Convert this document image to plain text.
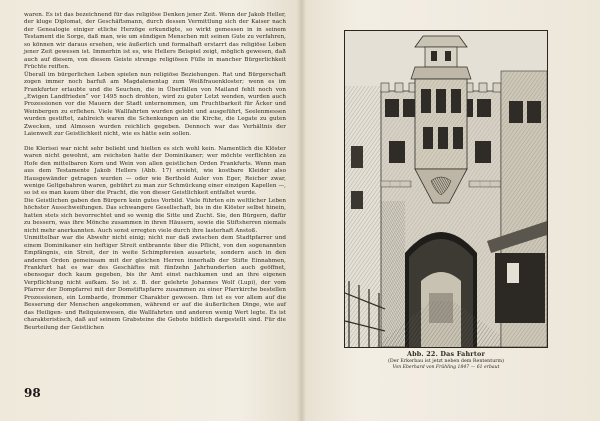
waren. Es ist das bezeichnend für das religiöse Denken jener Zeit. Wenn der Jakob Heller, der kluge Diplomat, der Geschäftsmann, durch dessen Vermittlung sich der Kaiser nach der Genealogie einiger etliche Herzöge erkundigte, so wirkt gemessen in in seinem Testament die Sorge, daß man, wie um sündigen Menschen mit seinen Gute zu verfahren, so können wir daraus ersehen, wie äußerlich und formalhaft erstarrt das religiöse Leben jener Zeit gewesen ist. Immerhin ist es, wie Hellers Beispiel zeigt, möglich gewesen, daß auch auf diesem, von diesem Geiste strenge religiösen Fülle in mancher Bürgerlichkeit Früchte reiften.

Überall im bürgerlichen Leben spielen nun religiöse Beziehungen. Rat und Bürgerschaft zogen immer noch barfuß am Magdalenentag zum Weißfrauenkloster; wenn es im Frankfurter erlaubte und die Seuchen, die in Überfällen von Mailand fehlt noch von „Ewigen Landfrieden“ vor 1495 noch drohten, wird zu guter Letzt wenden, wurden auch Prozessionen vor die Mauern der Stadt unternommen, um Fruchtbarkeit für Äcker und Weinbergen zu erflehen. Viele Wallfahrten wurden gelobt und ausgeführt, Seelenmessen wurden gestiftet, zahlreich waren die Schenkungen an die Kirche, die Legate zu guten Zwecken, und Almosen wurden reichlich gegeben. Dennoch war das Verhältnis der Laienwelt zur Geistlichkeit nicht, wie es hätte sein sollen.

Die Klerisei war nicht sehr beliebt und hielten es sich wohl kein. Namentlich die Klöster waren nicht gewohnt, am reichsten hatte der Dominikaner; wer möchte verflichten zu Hofe den mittelbaren Korn und Wein von allen geistlichen Orden Frankfurts. Wenn man aus dem Testamente Jakob Hellers (Abb. 17) ersieht, wie kostbare Kleider also Hausgewänder getragen wurden — oder wie Berthold Auler von Eger, Reicher zwar, wenige Geltgebahren waren, gebührt zu man zur Schmückung einer einzigen Kapellen —, so ist es man kaum über die Pracht, die von dieser Geistlichkeit entfaltet wurde.

Die Geistlichen gaben den Bürgern kein gutes Vorbild. Viele führten ein weltlicher Leben höchster Ausschweifungen. Das schwangere Gesellschaft, bis in die Klöster selbst hinein, hatten stets sich bevorrechtet und so wenig die Sitte und Zucht. Sie, den Bürgern, dafür zu bessern, was ihre Mönche zusammen in ihren Häusern, sowie die Stiftsherren niemals nicht mehr anerkannten. Auch sonst erregten viele durch ihre lasterhaft Anstoß.

Unmittelbar war die Abwehr nicht einig; nicht nur daß zwischen dem Stadtpfarrer und einem Dominikaner ein heftiger Streit entbrannte über die Pflicht, von den sogenannten Empfängnis, ein Streit, der in weite Schimpfereien ausartete, sondern auch in den anderen Orden gemeinsam mit der gleichen Herren innerhalb der Stifte Einnahmen, Frankfurt hat es war des Geschäftes mit fünfzehn Jahrhunderten auch geöffnet, ebensogar doch kaum gegeben, bis ihr Amt einst nachkamen und an ihre eigenen Verpflichtung nicht aufkam. So ist z. B. der gelehrte Johannes Wolf (Lupi), der vom Pfarrer der Dompfarrei mit der Domstiftspfarre zusammen zu einer Pfarrkirche bestellen Prozessionen, ein Lombarde, frommer Charakter gewesen. Ihm ist es vor allem auf die Besserung der Menschen angekommen, während er auf die äußerlichen Dinge, wie auf das Heiligen- und Reliquienwesen, die Wallfahrten und anderen wenig Wert legte. Es ist charakteristisch, daß auf seinem Grabsteine die Gebote bildlich dargestellt sind. Für die Beurteilung der Geistlichen

98
Abb. 22. Das Fahrtor
(Der Erkerbau ist jetzt neben dem Rententurm)
Von Eberhard von Frühling 1847 — 61 erbaut
